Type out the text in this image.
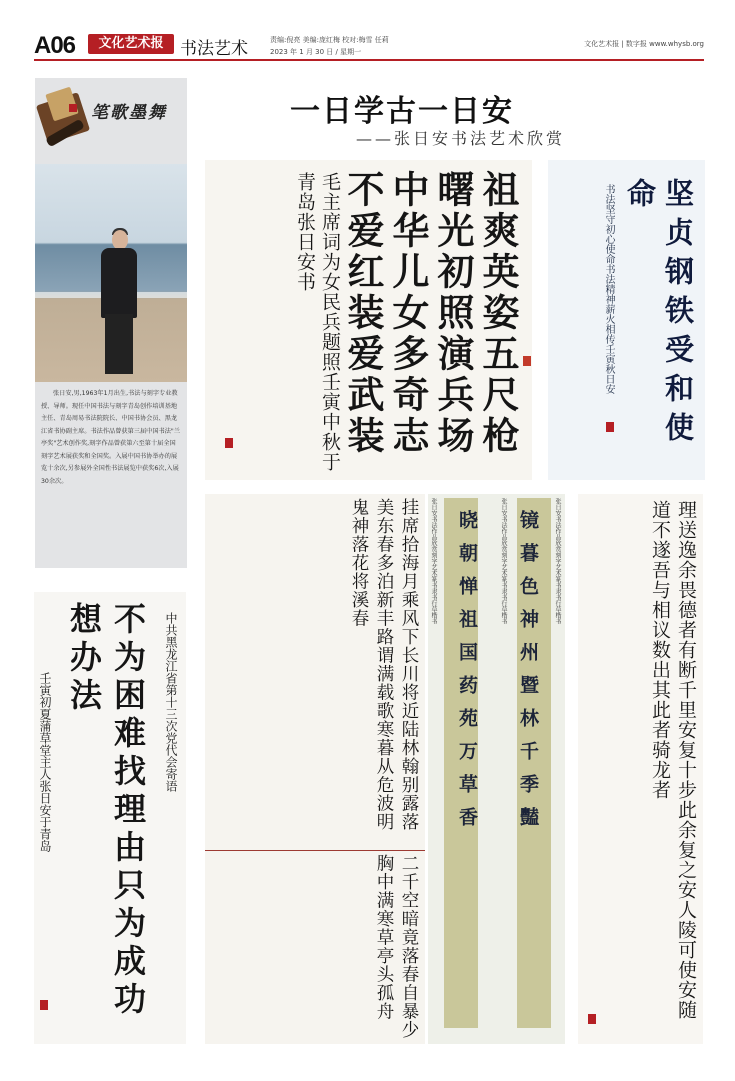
A06	文化艺术报 书法艺术	责编:倪亮 美编:庞红梅 校对:梅雪 任莉
2023 年 1 月 30 日 / 星期一
文化艺术报 | 数字报 www.whysb.org
笔歌墨舞
张日安,男,1963年1月出生,书法与刻字专业教授、导师。现任中国书法与刻字青岛创作培训基地主任、青岛周易书法院院长、中国书协会员、黑龙江省书协副主席。书法作品曾获第三届中国书法"兰亭奖"艺术创作奖,刻字作品曾获第六至第十届全国刻字艺术展获奖和全国奖。入展中国书协举办的展览十余次,另参展外全国性书法展览中获奖6次,入展30余次。
一日学古一日安
——张日安书法艺术欣赏
祖爽英姿五尺枪曙光初照演兵场中华儿女多奇志不爱红装爱武装
毛主席词为女民兵题照壬寅中秋于青岛张日安书	坚贞钢铁受和使命
书法坚守初心使命书法精神薪火相传壬寅秋日安
挂席拾海月乘风下长川将近陆林翰别露落美东春多泊新丰路谓满载歌寒暮从危波明鬼神落花将溪春
二千空暗竟落春自暴少胸中满寒草亭头孤舟
张日安书法作品欣赏刻字艺术篆书隶书行草楷书
镜暮色神州暨林千季豔
张日安书法作品欣赏刻字艺术篆书隶书行草楷书
晓朝惮祖国药苑万草香
张日安书法作品欣赏刻字艺术篆书隶书行草楷书	理送逸余畏德者有断千里安复十步此余复之安人陵可使安随道不遂吾与相议数出其此者骑龙者
不为困难找理由只为成功想办法	中共黑龙江省第十三次党代会寄语
壬寅初夏蒲草堂主人张日安于青岛
